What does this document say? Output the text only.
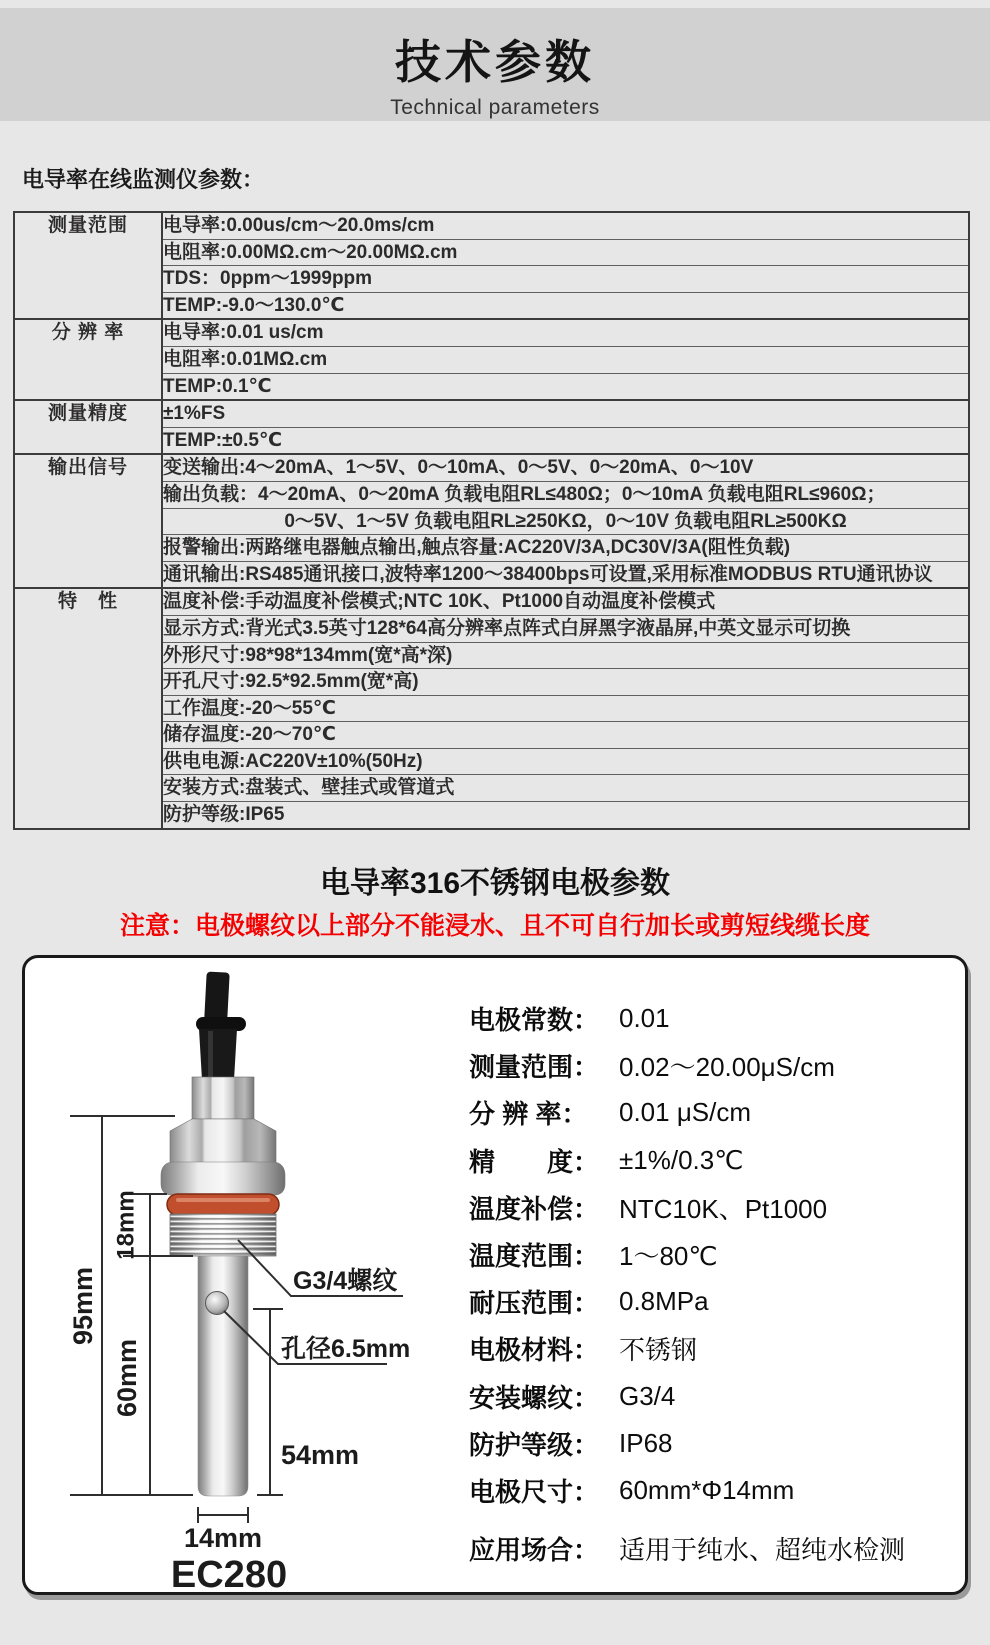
技术参数
Technical parameters
电导率在线监测仪参数：
测量范围	电导率:0.00us/cm～20.0ms/cm
	电阻率:0.00MΩ.cm～20.00MΩ.cm
	TDS：0ppm～1999ppm
	TEMP:-9.0～130.0℃
分 辨 率	电导率:0.01 us/cm
	电阻率:0.01MΩ.cm
	TEMP:0.1℃
测量精度	±1%FS
	TEMP:±0.5℃
输出信号	变送输出:4～20mA、1～5V、0～10mA、0～5V、0～20mA、0～10V
	输出负载：4～20mA、0～20mA 负载电阻RL≤480Ω；0～10mA 负载电阻RL≤960Ω；
	0～5V、1～5V 负载电阻RL≥250KΩ，0～10V 负载电阻RL≥500KΩ
	报警输出:两路继电器触点输出,触点容量:AC220V/3A,DC30V/3A(阻性负载)
	通讯输出:RS485通讯接口,波特率1200～38400bps可设置,采用标准MODBUS RTU通讯协议
特　性	温度补偿:手动温度补偿模式;NTC 10K、Pt1000自动温度补偿模式
	显示方式:背光式3.5英寸128*64高分辨率点阵式白屏黑字液晶屏,中英文显示可切换
	外形尺寸:98*98*134mm(宽*高*深)
	开孔尺寸:92.5*92.5mm(宽*高)
	工作温度:-20～55℃
	储存温度:-20～70℃
	供电电源:AC220V±10%(50Hz)
	安装方式:盘装式、壁挂式或管道式
	防护等级:IP65
电导率316不锈钢电极参数
注意：电极螺纹以上部分不能浸水、且不可自行加长或剪短线缆长度
95mm
18mm
60mm
54mm
14mm
G3/4螺纹
孔径6.5mm
EC280
电极常数： 0.01
测量范围： 0.02～20.00μS/cm
分 辨 率：	0.01 μS/cm
精　　度： ±1%/0.3℃
温度补偿： NTC10K、Pt1000
温度范围： 1～80℃
耐压范围： 0.8MPa
电极材料： 不锈钢
安装螺纹： G3/4
防护等级： IP68
电极尺寸： 60mm*Φ14mm
应用场合： 适用于纯水、超纯水检测
